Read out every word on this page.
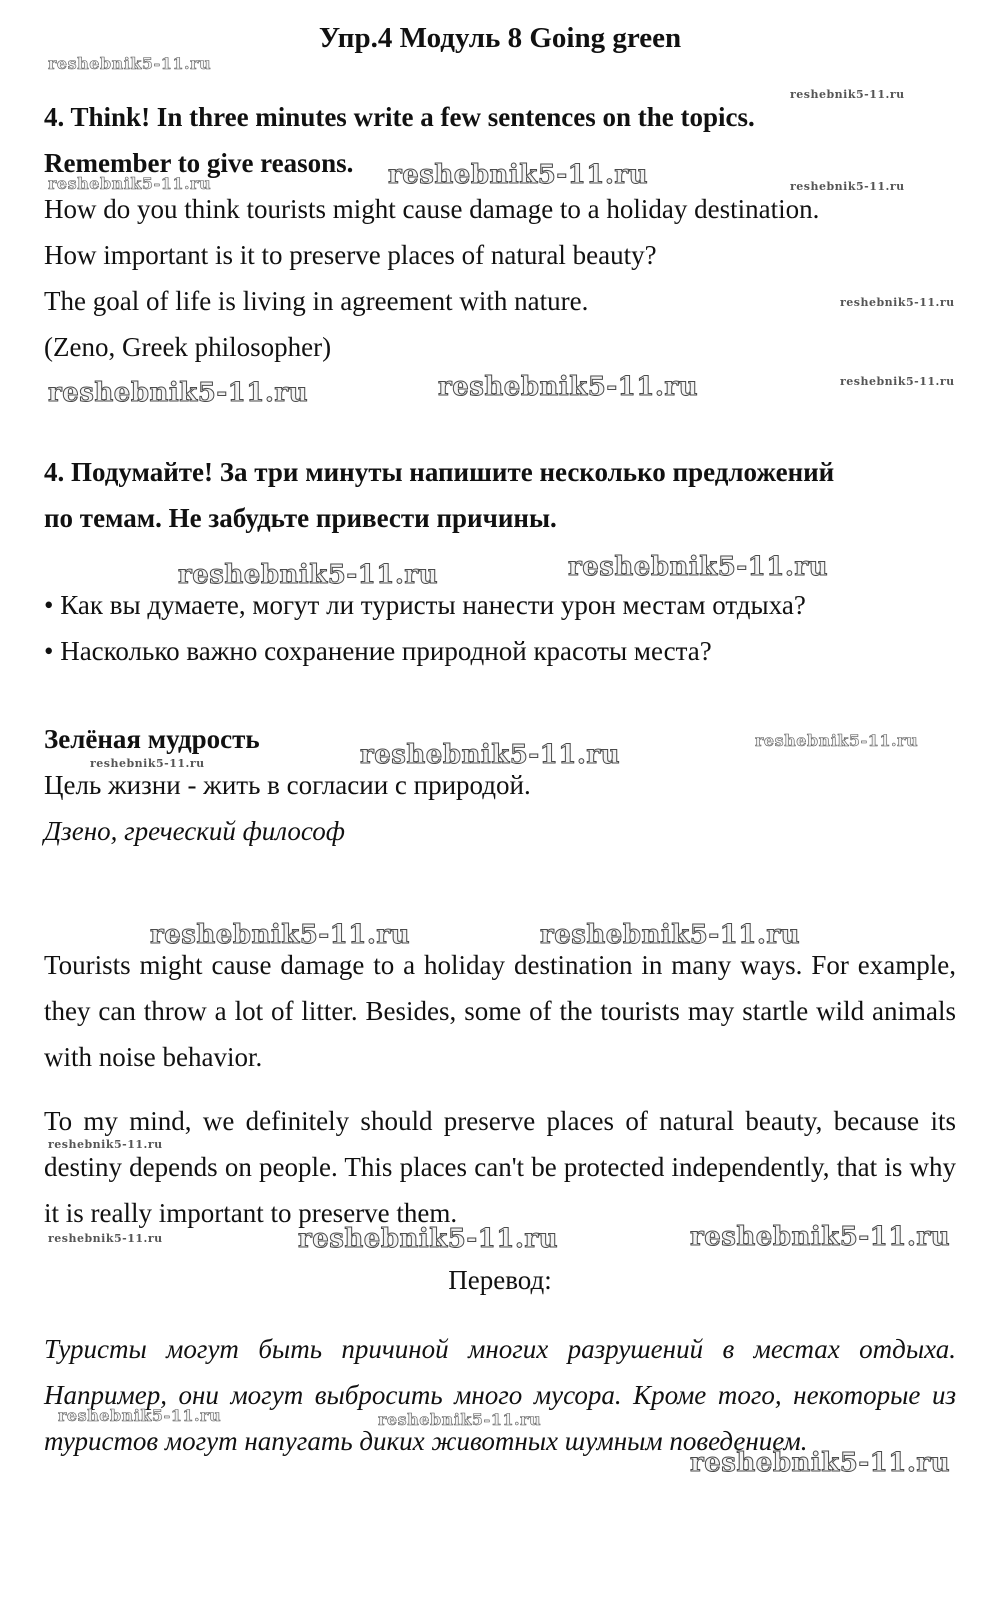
Упр.4 Модуль 8 Going green

4. Think! In three minutes write a few sentences on the topics.

Remember to give reasons.

How do you think tourists might cause damage to a holiday destination.

How important is it to preserve places of natural beauty?

The goal of life is living in agreement with nature.

(Zeno, Greek philosopher)

4. Подумайте! За три минуты напишите несколько предложений

по темам. Не забудьте привести причины.

• Как вы думаете, могут ли туристы нанести урон местам отдыха?

• Насколько важно сохранение природной красоты места?

Зелёная мудрость

Цель жизни - жить в согласии с природой.

Дзено, греческий философ

Tourists might cause damage to a holiday destination in many ways. For example, they can throw a lot of litter. Besides, some of the tourists may startle wild animals with noise behavior.

To my mind, we definitely should preserve places of natural beauty, because its destiny depends on people. This places can't be protected independently, that is why it is really important to preserve them.

Перевод:

Туристы могут быть причиной многих разрушений в местах отдыха. Например, они могут выбросить много мусора. Кроме того, некоторые из туристов могут напугать диких животных шумным поведением.

reshebnik5-11.ru
reshebnik5-11.ru
reshebnik5-11.ru	reshebnik5-11.ru	reshebnik5-11.ru
reshebnik5-11.ru
reshebnik5-11.ru	reshebnik5-11.ru	reshebnik5-11.ru
reshebnik5-11.ru	reshebnik5-11.ru
reshebnik5-11.ru
reshebnik5-11.ru
reshebnik5-11.ru
reshebnik5-11.ru	reshebnik5-11.ru
reshebnik5-11.ru
reshebnik5-11.ru	reshebnik5-11.ru	reshebnik5-11.ru
reshebnik5-11.ru	reshebnik5-11.ru
reshebnik5-11.ru
